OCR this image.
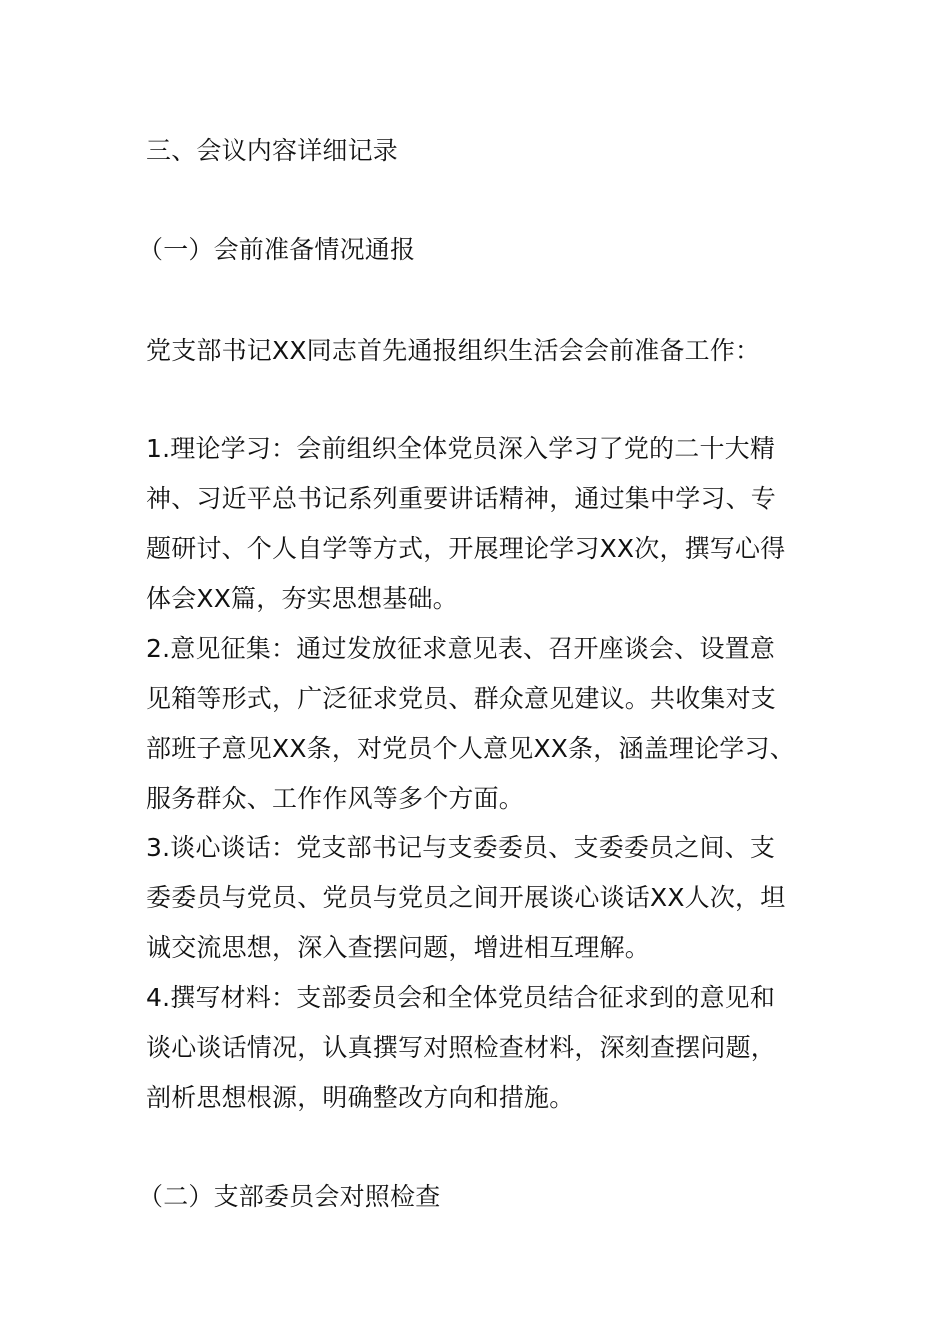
三、会议内容详细记录
（一）会前准备情况通报
党支部书记XX同志首先通报组织生活会会前准备工作：
1.理论学习：会前组织全体党员深入学习了党的二十大精
神、习近平总书记系列重要讲话精神，通过集中学习、专
题研讨、个人自学等方式，开展理论学习XX次，撰写心得
体会XX篇，夯实思想基础。
2.意见征集：通过发放征求意见表、召开座谈会、设置意
见箱等形式，广泛征求党员、群众意见建议。共收集对支
部班子意见XX条，对党员个人意见XX条，涵盖理论学习、
服务群众、工作作风等多个方面。
3.谈心谈话：党支部书记与支委委员、支委委员之间、支
委委员与党员、党员与党员之间开展谈心谈话XX人次，坦
诚交流思想，深入查摆问题，增进相互理解。
4.撰写材料：支部委员会和全体党员结合征求到的意见和
谈心谈话情况，认真撰写对照检查材料，深刻查摆问题，
剖析思想根源，明确整改方向和措施。
（二）支部委员会对照检查
